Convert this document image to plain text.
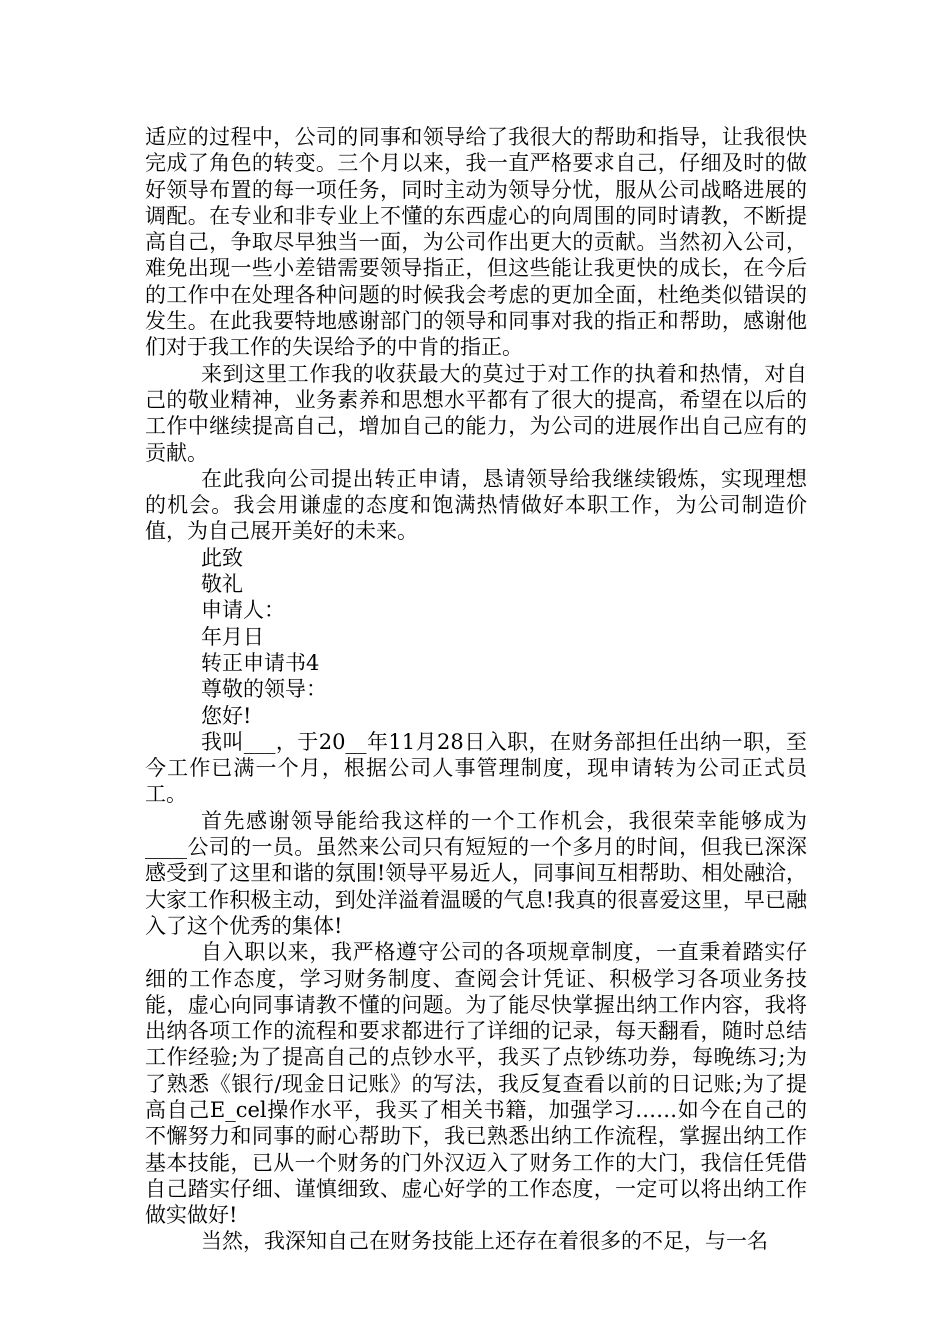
适应的过程中，公司的同事和领导给了我很大的帮助和指导，让我很快完成了角色的转变。三个月以来，我一直严格要求自己，仔细及时的做好领导布置的每一项任务，同时主动为领导分忧，服从公司战略进展的调配。在专业和非专业上不懂的东西虚心的向周围的同时请教，不断提高自己，争取尽早独当一面，为公司作出更大的贡献。当然初入公司，难免出现一些小差错需要领导指正，但这些能让我更快的成长，在今后的工作中在处理各种问题的时候我会考虑的更加全面，杜绝类似错误的发生。在此我要特地感谢部门的领导和同事对我的指正和帮助，感谢他们对于我工作的失误给予的中肯的指正。

来到这里工作我的收获最大的莫过于对工作的执着和热情，对自己的敬业精神，业务素养和思想水平都有了很大的提高，希望在以后的工作中继续提高自己，增加自己的能力，为公司的进展作出自己应有的贡献。

在此我向公司提出转正申请，恳请领导给我继续锻炼，实现理想的机会。我会用谦虚的态度和饱满热情做好本职工作，为公司制造价值，为自己展开美好的未来。

此致

敬礼

申请人：

年月日

转正申请书4

尊敬的领导：

您好!

我叫___，于20__年11月28日入职，在财务部担任出纳一职，至今工作已满一个月，根据公司人事管理制度，现申请转为公司正式员工。

首先感谢领导能给我这样的一个工作机会，我很荣幸能够成为____公司的一员。虽然来公司只有短短的一个多月的时间，但我已深深感受到了这里和谐的氛围!领导平易近人，同事间互相帮助、相处融洽，大家工作积极主动，到处洋溢着温暖的气息!我真的很喜爱这里，早已融入了这个优秀的集体!

自入职以来，我严格遵守公司的各项规章制度，一直秉着踏实仔细的工作态度，学习财务制度、查阅会计凭证、积极学习各项业务技能，虚心向同事请教不懂的问题。为了能尽快掌握出纳工作内容，我将出纳各项工作的流程和要求都进行了详细的记录，每天翻看，随时总结工作经验;为了提高自己的点钞水平，我买了点钞练功券，每晚练习;为了熟悉《银行/现金日记账》的写法，我反复查看以前的日记账;为了提高自己E_cel操作水平，我买了相关书籍，加强学习……如今在自己的不懈努力和同事的耐心帮助下，我已熟悉出纳工作流程，掌握出纳工作基本技能，已从一个财务的门外汉迈入了财务工作的大门，我信任凭借自己踏实仔细、谨慎细致、虚心好学的工作态度，一定可以将出纳工作做实做好!

当然，我深知自己在财务技能上还存在着很多的不足，与一名
